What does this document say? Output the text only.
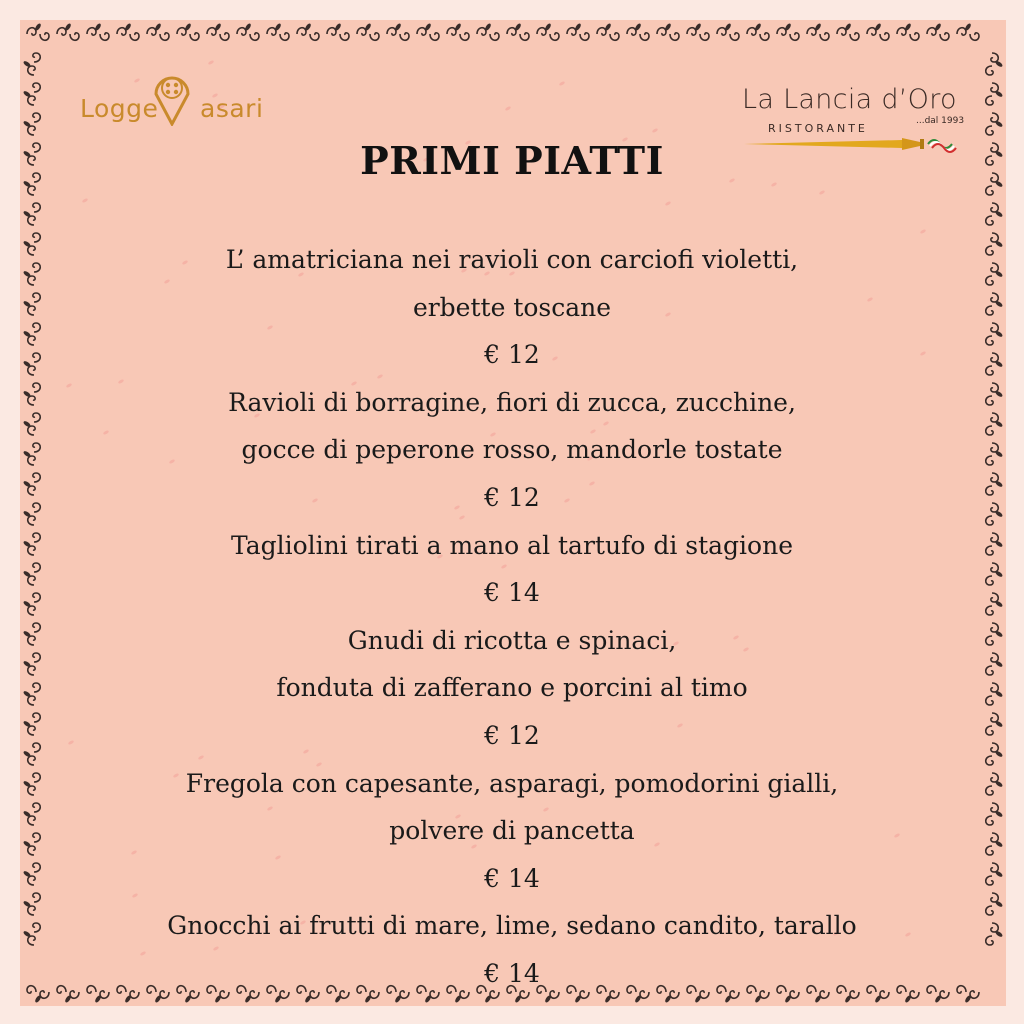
Logge asari	La Lancia d’Oro
RISTORANTE
...dal 1993
PRIMI PIATTI
L’ amatriciana nei ravioli con carciofi violetti,
erbette toscane
€ 12
Ravioli di borragine, fiori di zucca, zucchine,
gocce di peperone rosso, mandorle tostate
€ 12
Tagliolini tirati a mano al tartufo di stagione
€ 14
Gnudi di ricotta e spinaci,
fonduta di zafferano e porcini al timo
€ 12
Fregola con capesante, asparagi, pomodorini gialli,
polvere di pancetta
€ 14
Gnocchi ai frutti di mare, lime, sedano candito, tarallo
€ 14
